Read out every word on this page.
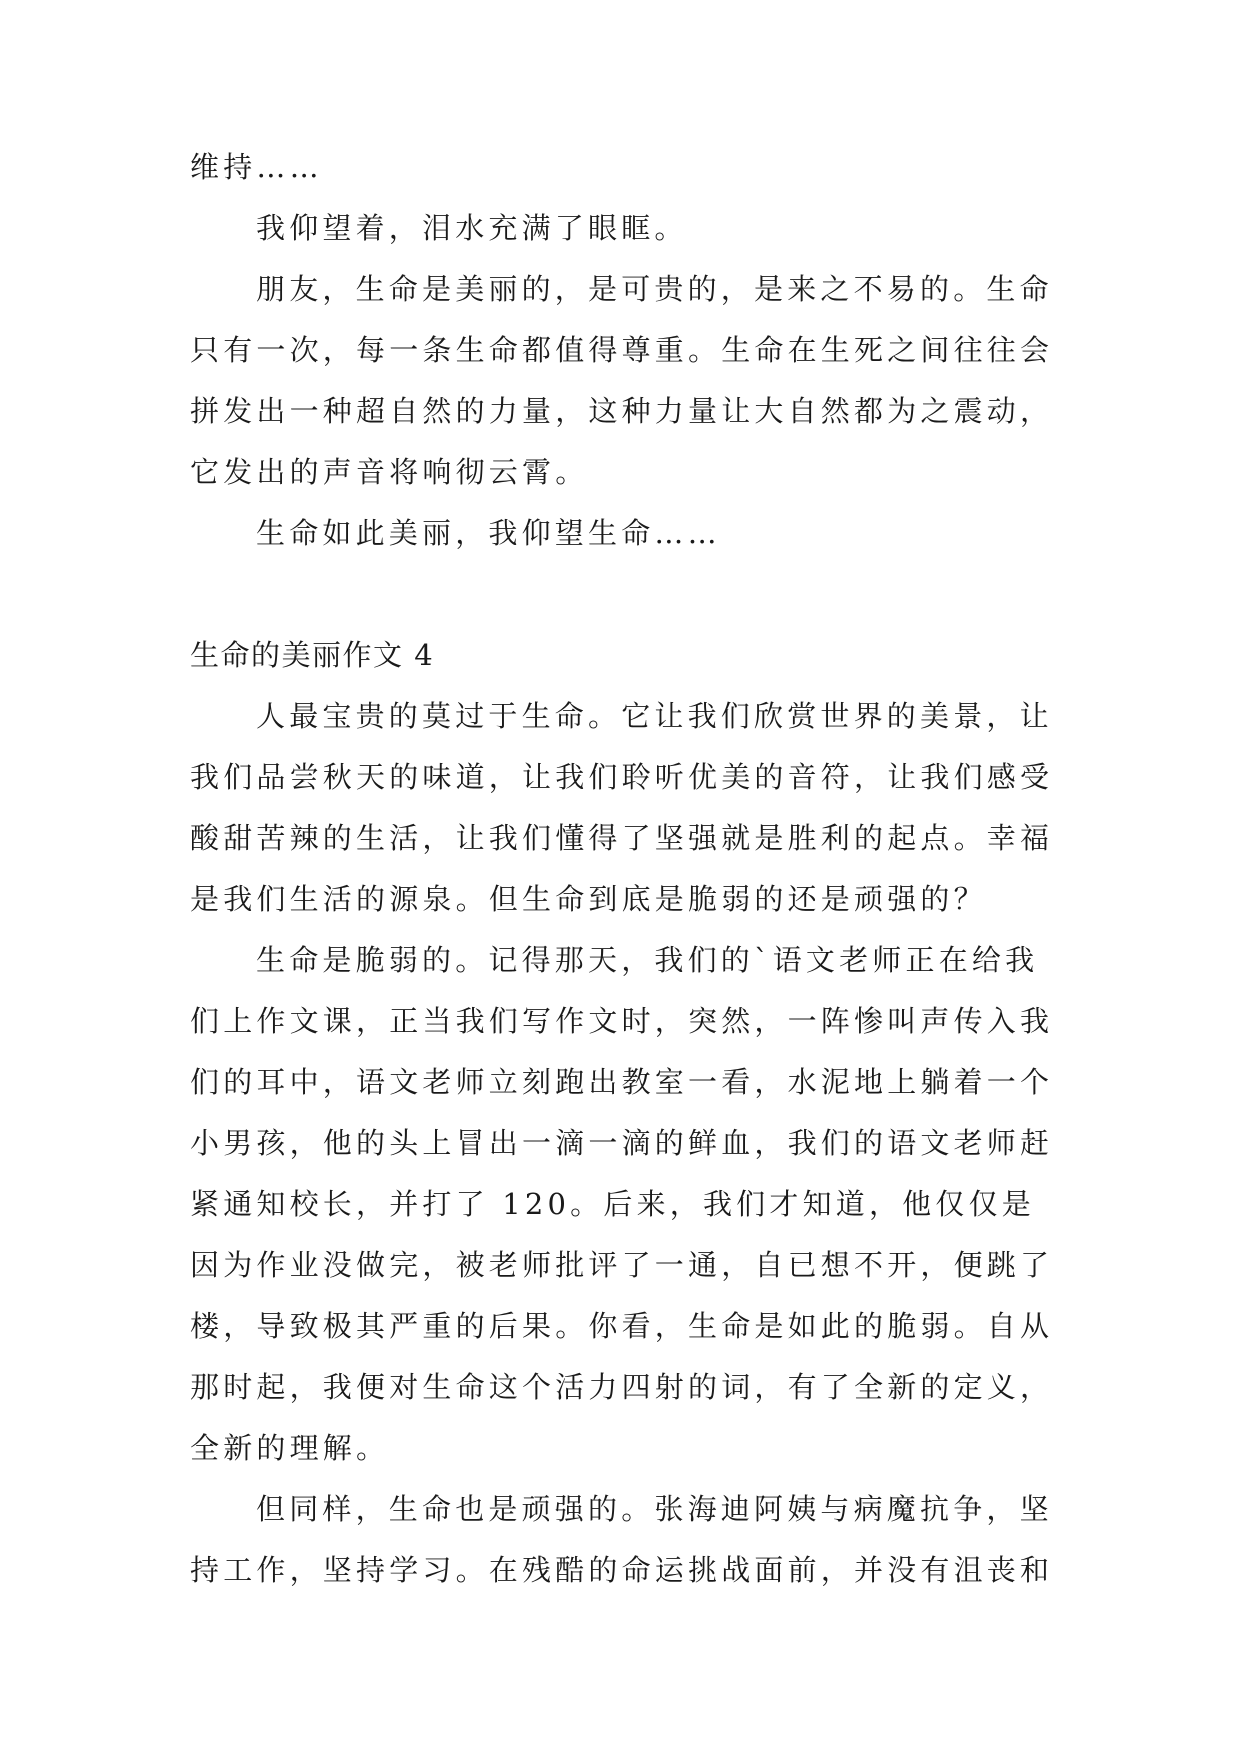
维持……

我仰望着，泪水充满了眼眶。

朋友，生命是美丽的，是可贵的，是来之不易的。生命只有一次，每一条生命都值得尊重。生命在生死之间往往会拼发出一种超自然的力量，这种力量让大自然都为之震动，它发出的声音将响彻云霄。

生命如此美丽，我仰望生命……

生命的美丽作文 4

人最宝贵的莫过于生命。它让我们欣赏世界的美景，让我们品尝秋天的味道，让我们聆听优美的音符，让我们感受酸甜苦辣的生活，让我们懂得了坚强就是胜利的起点。幸福是我们生活的源泉。但生命到底是脆弱的还是顽强的？

生命是脆弱的。记得那天，我们的`语文老师正在给我们上作文课，正当我们写作文时，突然，一阵惨叫声传入我们的耳中，语文老师立刻跑出教室一看，水泥地上躺着一个小男孩，他的头上冒出一滴一滴的鲜血，我们的语文老师赶紧通知校长，并打了 120。后来，我们才知道，他仅仅是因为作业没做完，被老师批评了一通，自已想不开，便跳了楼，导致极其严重的后果。你看，生命是如此的脆弱。自从那时起，我便对生命这个活力四射的词，有了全新的定义，全新的理解。

但同样，生命也是顽强的。张海迪阿姨与病魔抗争，坚持工作，坚持学习。在残酷的命运挑战面前，并没有沮丧和
